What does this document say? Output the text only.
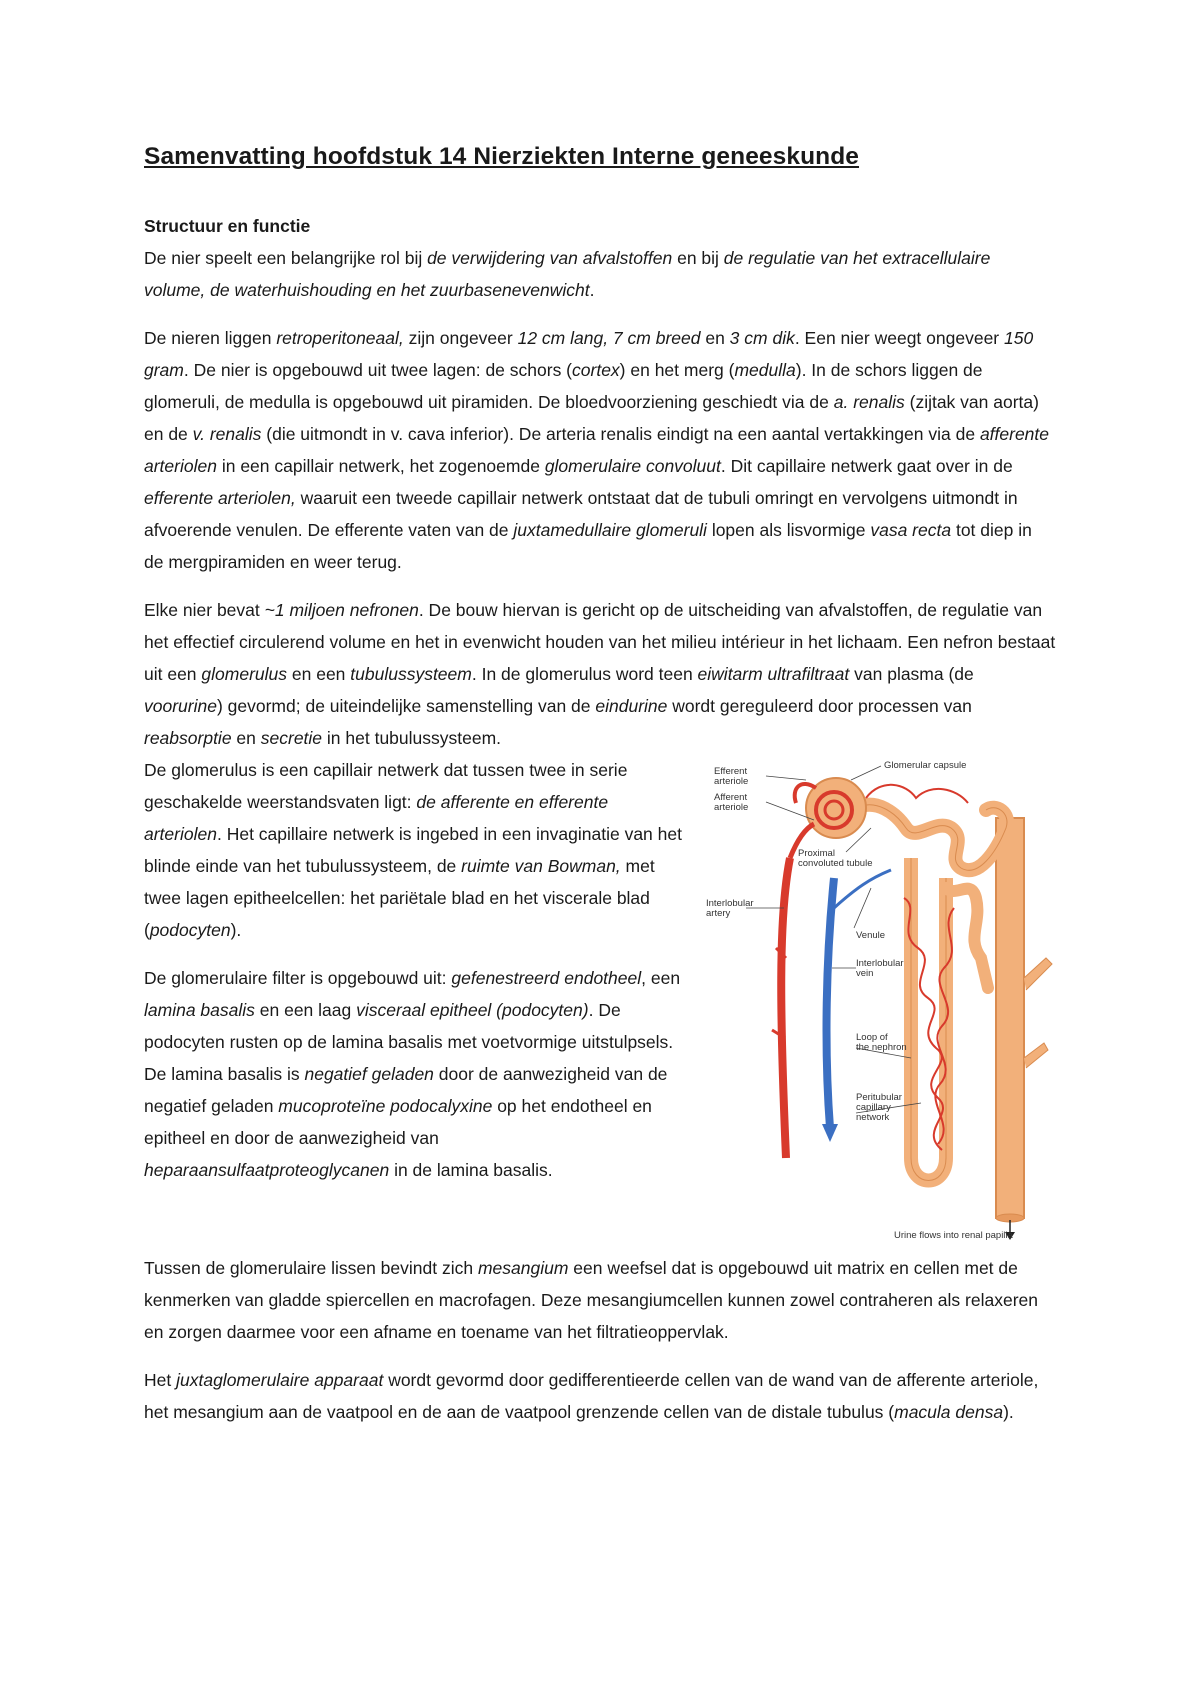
Samenvatting hoofdstuk 14 Nierziekten Interne geneeskunde
Structuur en functie

De nier speelt een belangrijke rol bij de verwijdering van afvalstoffen en bij de regulatie van het extracellulaire volume, de waterhuishouding en het zuurbasenevenwicht.

De nieren liggen retroperitoneaal, zijn ongeveer 12 cm lang, 7 cm breed en 3 cm dik. Een nier weegt ongeveer 150 gram. De nier is opgebouwd uit twee lagen: de schors (cortex) en het merg (medulla). In de schors liggen de glomeruli, de medulla is opgebouwd uit piramiden. De bloedvoorziening geschiedt via de a. renalis (zijtak van aorta) en de v. renalis (die uitmondt in v. cava inferior). De arteria renalis eindigt na een aantal vertakkingen via de afferente arteriolen in een capillair netwerk, het zogenoemde glomerulaire convoluut. Dit capillaire netwerk gaat over in de efferente arteriolen, waaruit een tweede capillair netwerk ontstaat dat de tubuli omringt en vervolgens uitmondt in afvoerende venulen. De efferente vaten van de juxtamedullaire glomeruli lopen als lisvormige vasa recta tot diep in de mergpiramiden en weer terug.

Elke nier bevat ~1 miljoen nefronen. De bouw hiervan is gericht op de uitscheiding van afvalstoffen, de regulatie van het effectief circulerend volume en het in evenwicht houden van het milieu intérieur in het lichaam. Een nefron bestaat uit een glomerulus en een tubulussysteem. In de glomerulus word teen eiwitarm ultrafiltraat van plasma (de voorurine) gevormd; de uiteindelijke samenstelling van de eindurine wordt gereguleerd door processen van reabsorptie en secretie in het tubulussysteem.

Glomerular capsule
Efferent
arteriole
Afferent
arteriole
Proximal
convoluted tubule
Interlobular
artery
Venule
Interlobular
vein
Loop of
the nephron
Peritubular
capillary
network
Urine flows into renal papilla

De glomerulus is een capillair netwerk dat tussen twee in serie geschakelde weerstandsvaten ligt: de afferente en efferente arteriolen. Het capillaire netwerk is ingebed in een invaginatie van het blinde einde van het tubulussysteem, de ruimte van Bowman, met twee lagen epitheelcellen: het pariëtale blad en het viscerale blad (podocyten).

De glomerulaire filter is opgebouwd uit: gefenestreerd endotheel, een lamina basalis en een laag visceraal epitheel (podocyten). De podocyten rusten op de lamina basalis met voetvormige uitstulpsels. De lamina basalis is negatief geladen door de aanwezigheid van de negatief geladen mucoproteïne podocalyxine op het endotheel en epitheel en door de aanwezigheid van heparaansulfaatproteoglycanen in de lamina basalis.

Tussen de glomerulaire lissen bevindt zich mesangium een weefsel dat is opgebouwd uit matrix en cellen met de kenmerken van gladde spiercellen en macrofagen. Deze mesangiumcellen kunnen zowel contraheren als relaxeren en zorgen daarmee voor een afname en toename van het filtratieoppervlak.

Het juxtaglomerulaire apparaat wordt gevormd door gedifferentieerde cellen van de wand van de afferente arteriole, het mesangium aan de vaatpool en de aan de vaatpool grenzende cellen van de distale tubulus (macula densa).
